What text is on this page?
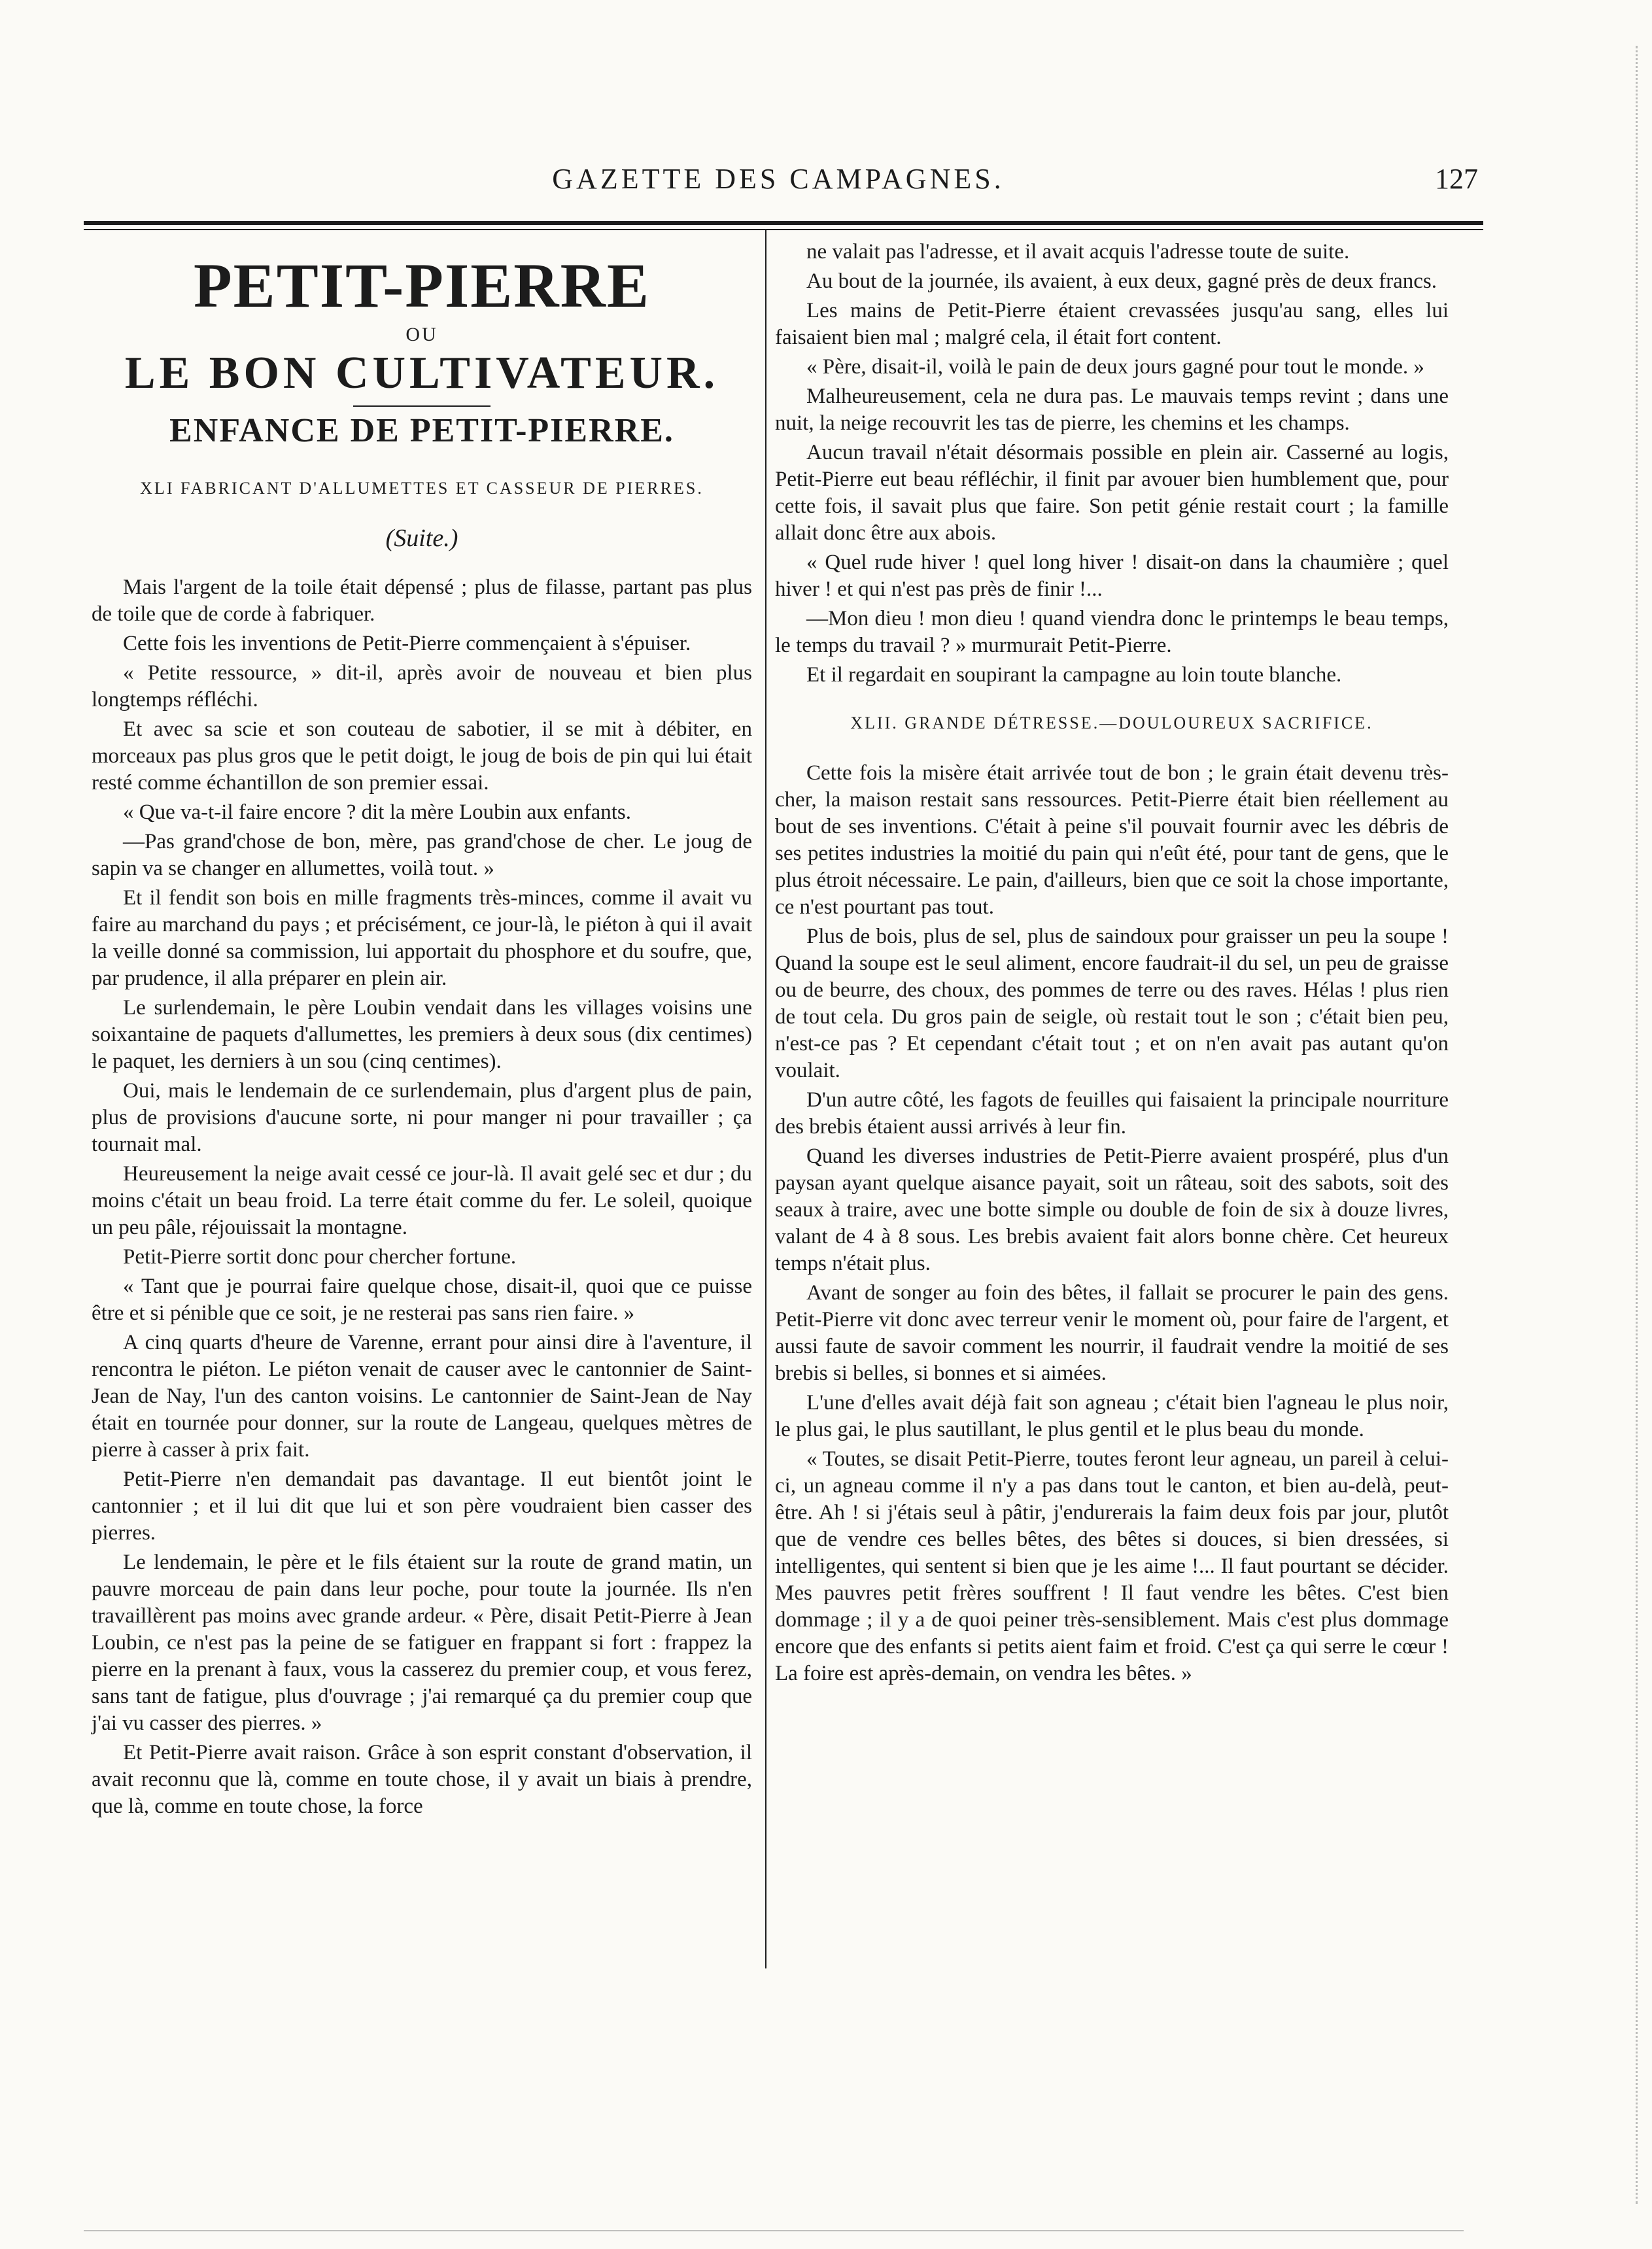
GAZETTE DES CAMPAGNES.	127
PETIT-PIERRE
OU
LE BON CULTIVATEUR.
ENFANCE DE PETIT-PIERRE.
XLI FABRICANT D'ALLUMETTES ET CASSEUR DE PIERRES.
(Suite.)

Mais l'argent de la toile était dépensé ; plus de filasse, partant pas plus de toile que de corde à fabriquer.

Cette fois les inventions de Petit-Pierre commençaient à s'épuiser.

« Petite ressource, » dit-il, après avoir de nouveau et bien plus longtemps réfléchi.

Et avec sa scie et son couteau de sabotier, il se mit à débiter, en morceaux pas plus gros que le petit doigt, le joug de bois de pin qui lui était resté comme échantillon de son premier essai.

« Que va-t-il faire encore ? dit la mère Loubin aux enfants.

—Pas grand'chose de bon, mère, pas grand'chose de cher. Le joug de sapin va se changer en allumettes, voilà tout. »

Et il fendit son bois en mille fragments très-minces, comme il avait vu faire au marchand du pays ; et précisément, ce jour-là, le piéton à qui il avait la veille donné sa commission, lui apportait du phosphore et du soufre, que, par prudence, il alla préparer en plein air.

Le surlendemain, le père Loubin vendait dans les villages voisins une soixantaine de paquets d'allumettes, les premiers à deux sous (dix centimes) le paquet, les derniers à un sou (cinq centimes).

Oui, mais le lendemain de ce surlendemain, plus d'argent plus de pain, plus de provisions d'aucune sorte, ni pour manger ni pour travailler ; ça tournait mal.

Heureusement la neige avait cessé ce jour-là. Il avait gelé sec et dur ; du moins c'était un beau froid. La terre était comme du fer. Le soleil, quoique un peu pâle, réjouissait la montagne.

Petit-Pierre sortit donc pour chercher fortune.

« Tant que je pourrai faire quelque chose, disait-il, quoi que ce puisse être et si pénible que ce soit, je ne resterai pas sans rien faire. »

A cinq quarts d'heure de Varenne, errant pour ainsi dire à l'aventure, il rencontra le piéton. Le piéton venait de causer avec le cantonnier de Saint-Jean de Nay, l'un des canton voisins. Le cantonnier de Saint-Jean de Nay était en tournée pour donner, sur la route de Langeau, quelques mètres de pierre à casser à prix fait.

Petit-Pierre n'en demandait pas davantage. Il eut bientôt joint le cantonnier ; et il lui dit que lui et son père voudraient bien casser des pierres.

Le lendemain, le père et le fils étaient sur la route de grand matin, un pauvre morceau de pain dans leur poche, pour toute la journée. Ils n'en travaillèrent pas moins avec grande ardeur. « Père, disait Petit-Pierre à Jean Loubin, ce n'est pas la peine de se fatiguer en frappant si fort : frappez la pierre en la prenant à faux, vous la casserez du premier coup, et vous ferez, sans tant de fatigue, plus d'ouvrage ; j'ai remarqué ça du premier coup que j'ai vu casser des pierres. »

Et Petit-Pierre avait raison. Grâce à son esprit constant d'observation, il avait reconnu que là, comme en toute chose, il y avait un biais à prendre, que là, comme en toute chose, la force

ne valait pas l'adresse, et il avait acquis l'adresse toute de suite.

Au bout de la journée, ils avaient, à eux deux, gagné près de deux francs.

Les mains de Petit-Pierre étaient crevassées jusqu'au sang, elles lui faisaient bien mal ; malgré cela, il était fort content.

« Père, disait-il, voilà le pain de deux jours gagné pour tout le monde. »

Malheureusement, cela ne dura pas. Le mauvais temps revint ; dans une nuit, la neige recouvrit les tas de pierre, les chemins et les champs.

Aucun travail n'était désormais possible en plein air. Casserné au logis, Petit-Pierre eut beau réfléchir, il finit par avouer bien humblement que, pour cette fois, il savait plus que faire. Son petit génie restait court ; la famille allait donc être aux abois.

« Quel rude hiver ! quel long hiver ! disait-on dans la chaumière ; quel hiver ! et qui n'est pas près de finir !...

—Mon dieu ! mon dieu ! quand viendra donc le printemps le beau temps, le temps du travail ? » murmurait Petit-Pierre.

Et il regardait en soupirant la campagne au loin toute blanche.

XLII. GRANDE DÉTRESSE.—DOULOUREUX SACRIFICE.

Cette fois la misère était arrivée tout de bon ; le grain était devenu très-cher, la maison restait sans ressources. Petit-Pierre était bien réellement au bout de ses inventions. C'était à peine s'il pouvait fournir avec les débris de ses petites industries la moitié du pain qui n'eût été, pour tant de gens, que le plus étroit nécessaire. Le pain, d'ailleurs, bien que ce soit la chose importante, ce n'est pourtant pas tout.

Plus de bois, plus de sel, plus de saindoux pour graisser un peu la soupe ! Quand la soupe est le seul aliment, encore faudrait-il du sel, un peu de graisse ou de beurre, des choux, des pommes de terre ou des raves. Hélas ! plus rien de tout cela. Du gros pain de seigle, où restait tout le son ; c'était bien peu, n'est-ce pas ? Et cependant c'était tout ; et on n'en avait pas autant qu'on voulait.

D'un autre côté, les fagots de feuilles qui faisaient la principale nourriture des brebis étaient aussi arrivés à leur fin.

Quand les diverses industries de Petit-Pierre avaient prospéré, plus d'un paysan ayant quelque aisance payait, soit un râteau, soit des sabots, soit des seaux à traire, avec une botte simple ou double de foin de six à douze livres, valant de 4 à 8 sous. Les brebis avaient fait alors bonne chère. Cet heureux temps n'était plus.

Avant de songer au foin des bêtes, il fallait se procurer le pain des gens. Petit-Pierre vit donc avec terreur venir le moment où, pour faire de l'argent, et aussi faute de savoir comment les nourrir, il faudrait vendre la moitié de ses brebis si belles, si bonnes et si aimées.

L'une d'elles avait déjà fait son agneau ; c'était bien l'agneau le plus noir, le plus gai, le plus sautillant, le plus gentil et le plus beau du monde.

« Toutes, se disait Petit-Pierre, toutes feront leur agneau, un pareil à celui-ci, un agneau comme il n'y a pas dans tout le canton, et bien au-delà, peut-être. Ah ! si j'étais seul à pâtir, j'endurerais la faim deux fois par jour, plutôt que de vendre ces belles bêtes, des bêtes si douces, si bien dressées, si intelligentes, qui sentent si bien que je les aime !... Il faut pourtant se décider. Mes pauvres petit frères souffrent ! Il faut vendre les bêtes. C'est bien dommage ; il y a de quoi peiner très-sensiblement. Mais c'est plus dommage encore que des enfants si petits aient faim et froid. C'est ça qui serre le cœur ! La foire est après-demain, on vendra les bêtes. »
